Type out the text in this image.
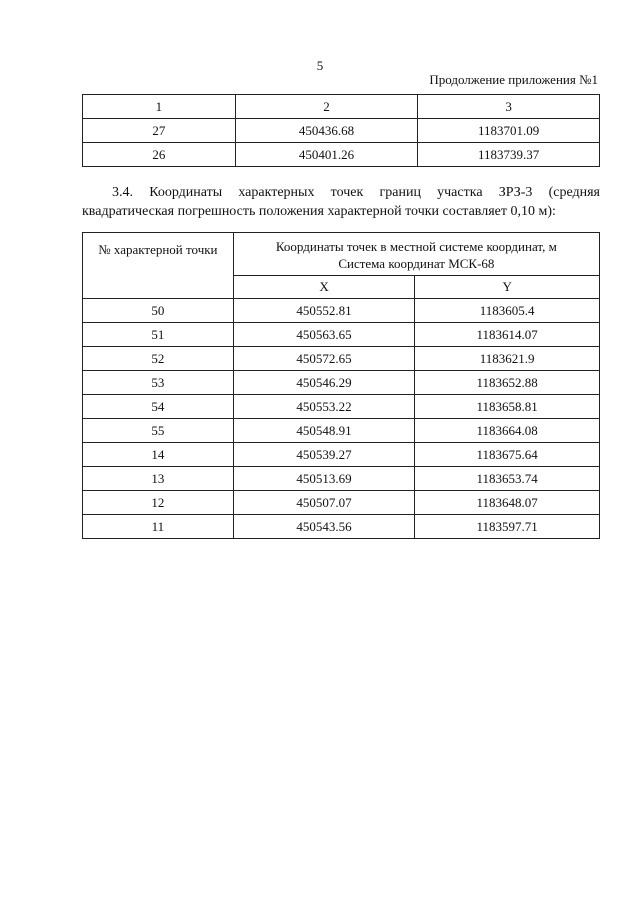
5
Продолжение приложения №1
1	2	3
27	450436.68	1183701.09
26	450401.26	1183739.37
3.4. Координаты характерных точек границ участка ЗРЗ-3 (средняя
квадратическая погрешность положения характерной точки составляет 0,10 м):
№ характерной точки	Координаты точек в местной системе координат, м
Система координат МСК-68	

	X	Y
50	450552.81	1183605.4
51	450563.65	1183614.07
52	450572.65	1183621.9
53	450546.29	1183652.88
54	450553.22	1183658.81
55	450548.91	1183664.08
14	450539.27	1183675.64
13	450513.69	1183653.74
12	450507.07	1183648.07
11	450543.56	1183597.71
